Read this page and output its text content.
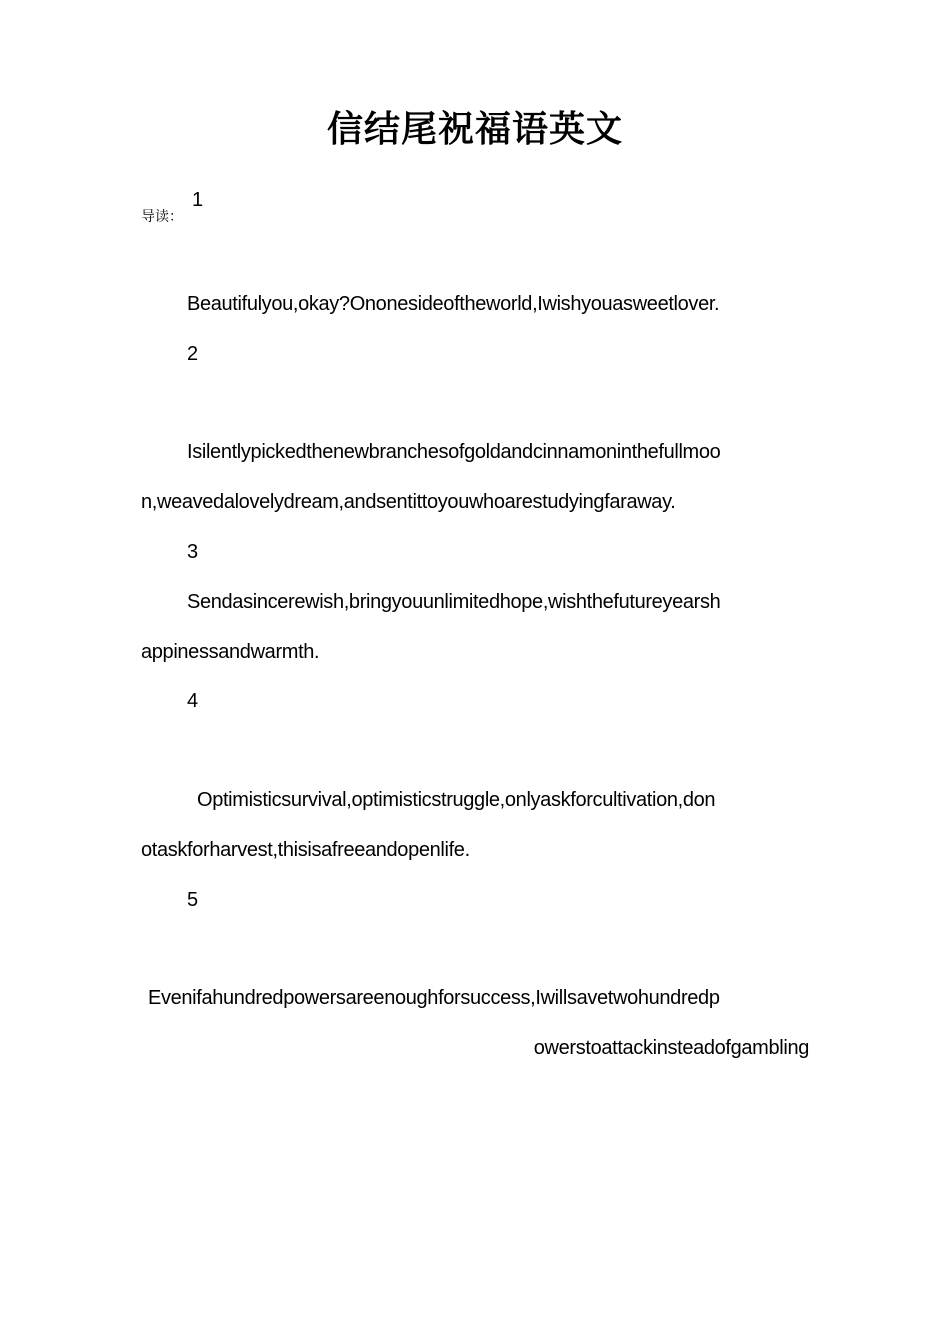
信结尾祝福语英文
导读：
1
Beautifulyou,okay?Ononesideoftheworld,Iwishyouasweetlover.
2
Isilentlypickedthenewbranchesofgoldandcinnamoninthefullmoo
n,weavedalovelydream,andsentittoyouwhoarestudyingfaraway.
3
Sendasincerewish,bringyouunlimitedhope,wishthefutureyearsh
appinessandwarmth.
4
Optimisticsurvival,optimisticstruggle,onlyaskforcultivation,don
otaskforharvest,thisisafreeandopenlife.
5
Evenifahundredpowersareenoughforsuccess,Iwillsavetwohundredp
owerstoattackinsteadofgambling
